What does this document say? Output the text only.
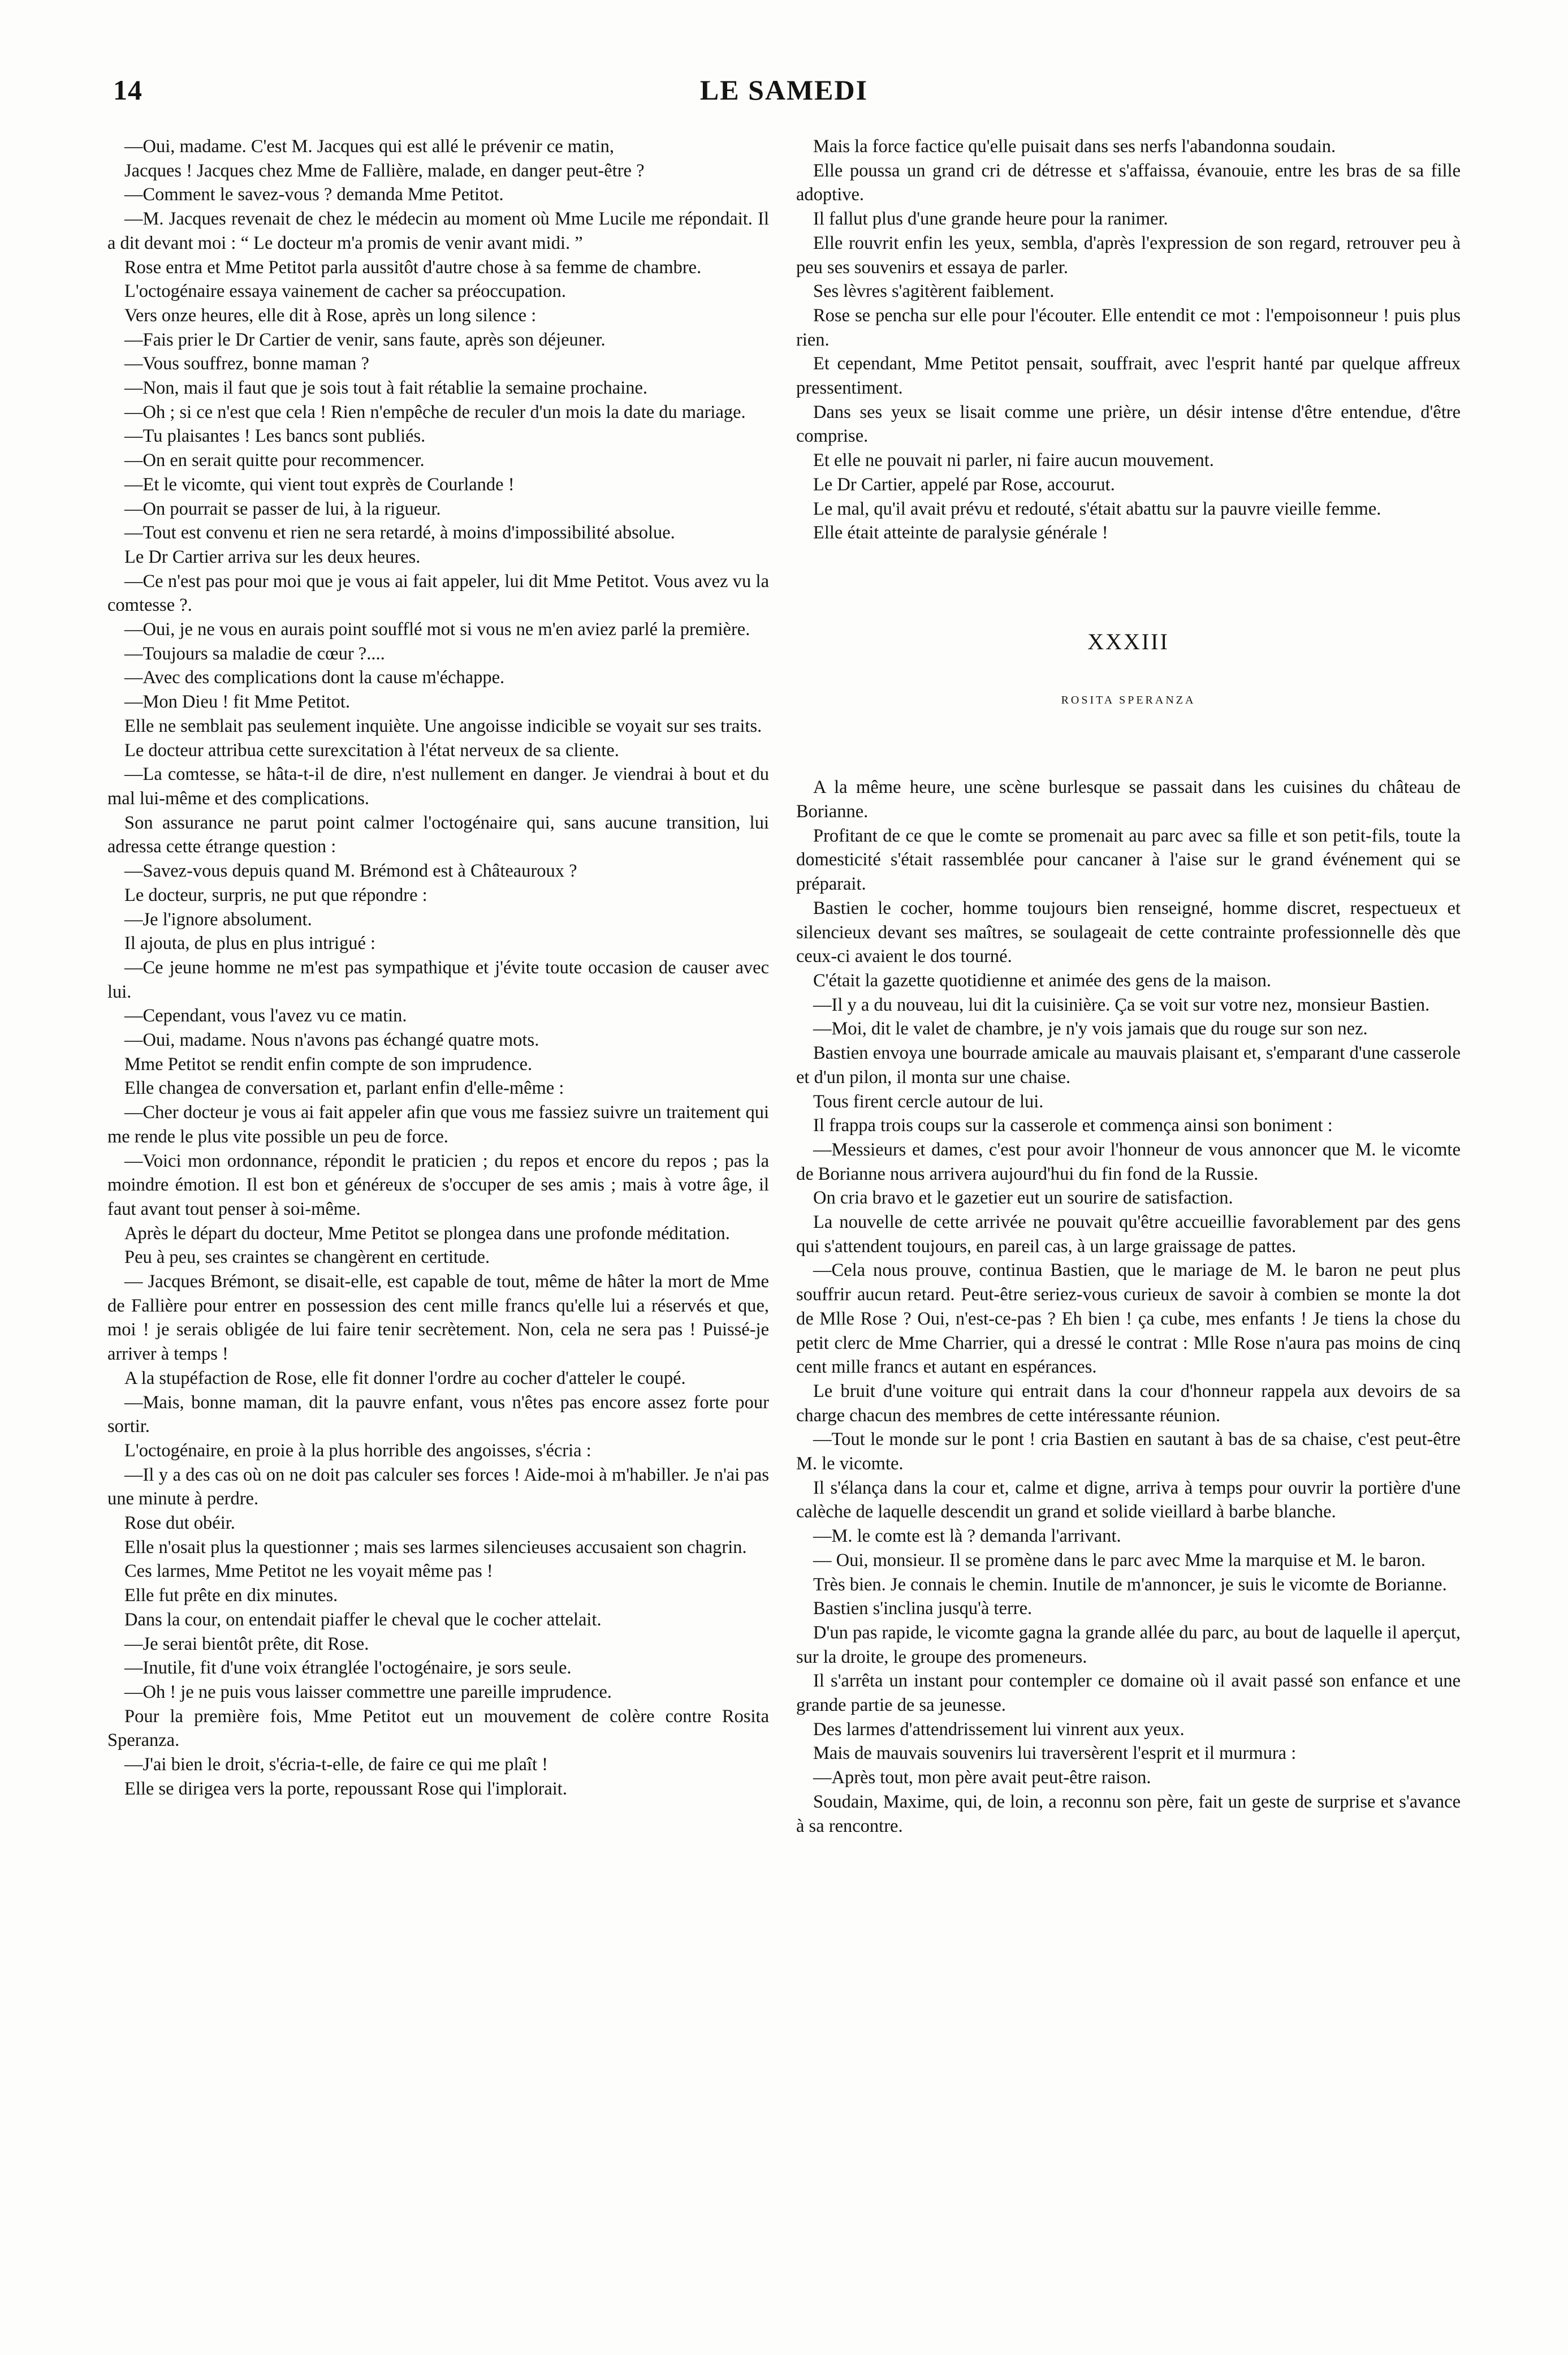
14	LE SAMEDI

—Oui, madame. C'est M. Jacques qui est allé le prévenir ce matin,

Jacques ! Jacques chez Mme de Fallière, malade, en danger peut-être ?

—Comment le savez-vous ? demanda Mme Petitot.

—M. Jacques revenait de chez le médecin au moment où Mme Lucile me répondait. Il a dit devant moi : “ Le docteur m'a promis de venir avant midi. ”

Rose entra et Mme Petitot parla aussitôt d'autre chose à sa femme de chambre.

L'octogénaire essaya vainement de cacher sa préoccupation.

Vers onze heures, elle dit à Rose, après un long silence :

—Fais prier le Dr Cartier de venir, sans faute, après son déjeuner.

—Vous souffrez, bonne maman ?

—Non, mais il faut que je sois tout à fait rétablie la semaine prochaine.

—Oh ; si ce n'est que cela ! Rien n'empêche de reculer d'un mois la date du mariage.

—Tu plaisantes ! Les bancs sont publiés.

—On en serait quitte pour recommencer.

—Et le vicomte, qui vient tout exprès de Courlande !

—On pourrait se passer de lui, à la rigueur.

—Tout est convenu et rien ne sera retardé, à moins d'impossibilité absolue.

Le Dr Cartier arriva sur les deux heures.

—Ce n'est pas pour moi que je vous ai fait appeler, lui dit Mme Petitot. Vous avez vu la comtesse ?.

—Oui, je ne vous en aurais point soufflé mot si vous ne m'en aviez parlé la première.

—Toujours sa maladie de cœur ?....

—Avec des complications dont la cause m'échappe.

—Mon Dieu ! fit Mme Petitot.

Elle ne semblait pas seulement inquiète. Une angoisse indicible se voyait sur ses traits.

Le docteur attribua cette surexcitation à l'état nerveux de sa cliente.

—La comtesse, se hâta-t-il de dire, n'est nullement en danger. Je viendrai à bout et du mal lui-même et des complications.

Son assurance ne parut point calmer l'octogénaire qui, sans aucune transition, lui adressa cette étrange question :

—Savez-vous depuis quand M. Brémond est à Châteauroux ?

Le docteur, surpris, ne put que répondre :

—Je l'ignore absolument.

Il ajouta, de plus en plus intrigué :

—Ce jeune homme ne m'est pas sympathique et j'évite toute occasion de causer avec lui.

—Cependant, vous l'avez vu ce matin.

—Oui, madame. Nous n'avons pas échangé quatre mots.

Mme Petitot se rendit enfin compte de son imprudence.

Elle changea de conversation et, parlant enfin d'elle-même :

—Cher docteur je vous ai fait appeler afin que vous me fassiez suivre un traitement qui me rende le plus vite possible un peu de force.

—Voici mon ordonnance, répondit le praticien ; du repos et encore du repos ; pas la moindre émotion. Il est bon et généreux de s'occuper de ses amis ; mais à votre âge, il faut avant tout penser à soi-même.

Après le départ du docteur, Mme Petitot se plongea dans une profonde méditation.

Peu à peu, ses craintes se changèrent en certitude.

— Jacques Brémont, se disait-elle, est capable de tout, même de hâter la mort de Mme de Fallière pour entrer en possession des cent mille francs qu'elle lui a réservés et que, moi ! je serais obligée de lui faire tenir secrètement. Non, cela ne sera pas ! Puissé-je arriver à temps !

A la stupéfaction de Rose, elle fit donner l'ordre au cocher d'atteler le coupé.

—Mais, bonne maman, dit la pauvre enfant, vous n'êtes pas encore assez forte pour sortir.

L'octogénaire, en proie à la plus horrible des angoisses, s'écria :

—Il y a des cas où on ne doit pas calculer ses forces ! Aide-moi à m'habiller. Je n'ai pas une minute à perdre.

Rose dut obéir.

Elle n'osait plus la questionner ; mais ses larmes silencieuses accusaient son chagrin.

Ces larmes, Mme Petitot ne les voyait même pas !

Elle fut prête en dix minutes.

Dans la cour, on entendait piaffer le cheval que le cocher attelait.

—Je serai bientôt prête, dit Rose.

—Inutile, fit d'une voix étranglée l'octogénaire, je sors seule.

—Oh ! je ne puis vous laisser commettre une pareille imprudence.

Pour la première fois, Mme Petitot eut un mouvement de colère contre Rosita Speranza.

—J'ai bien le droit, s'écria-t-elle, de faire ce qui me plaît !

Elle se dirigea vers la porte, repoussant Rose qui l'implorait.

Mais la force factice qu'elle puisait dans ses nerfs l'abandonna soudain.

Elle poussa un grand cri de détresse et s'affaissa, évanouie, entre les bras de sa fille adoptive.

Il fallut plus d'une grande heure pour la ranimer.

Elle rouvrit enfin les yeux, sembla, d'après l'expression de son regard, retrouver peu à peu ses souvenirs et essaya de parler.

Ses lèvres s'agitèrent faiblement.

Rose se pencha sur elle pour l'écouter. Elle entendit ce mot : l'empoisonneur ! puis plus rien.

Et cependant, Mme Petitot pensait, souffrait, avec l'esprit hanté par quelque affreux pressentiment.

Dans ses yeux se lisait comme une prière, un désir intense d'être entendue, d'être comprise.

Et elle ne pouvait ni parler, ni faire aucun mouvement.

Le Dr Cartier, appelé par Rose, accourut.

Le mal, qu'il avait prévu et redouté, s'était abattu sur la pauvre vieille femme.

Elle était atteinte de paralysie générale !

XXXIII
ROSITA SPERANZA

A la même heure, une scène burlesque se passait dans les cuisines du château de Borianne.

Profitant de ce que le comte se promenait au parc avec sa fille et son petit-fils, toute la domesticité s'était rassemblée pour cancaner à l'aise sur le grand événement qui se préparait.

Bastien le cocher, homme toujours bien renseigné, homme discret, respectueux et silencieux devant ses maîtres, se soulageait de cette contrainte professionnelle dès que ceux-ci avaient le dos tourné.

C'était la gazette quotidienne et animée des gens de la maison.

—Il y a du nouveau, lui dit la cuisinière. Ça se voit sur votre nez, monsieur Bastien.

—Moi, dit le valet de chambre, je n'y vois jamais que du rouge sur son nez.

Bastien envoya une bourrade amicale au mauvais plaisant et, s'emparant d'une casserole et d'un pilon, il monta sur une chaise.

Tous firent cercle autour de lui.

Il frappa trois coups sur la casserole et commença ainsi son boniment :

—Messieurs et dames, c'est pour avoir l'honneur de vous annoncer que M. le vicomte de Borianne nous arrivera aujourd'hui du fin fond de la Russie.

On cria bravo et le gazetier eut un sourire de satisfaction.

La nouvelle de cette arrivée ne pouvait qu'être accueillie favorablement par des gens qui s'attendent toujours, en pareil cas, à un large graissage de pattes.

—Cela nous prouve, continua Bastien, que le mariage de M. le baron ne peut plus souffrir aucun retard. Peut-être seriez-vous curieux de savoir à combien se monte la dot de Mlle Rose ? Oui, n'est-ce-pas ? Eh bien ! ça cube, mes enfants ! Je tiens la chose du petit clerc de Mme Charrier, qui a dressé le contrat : Mlle Rose n'aura pas moins de cinq cent mille francs et autant en espérances.

Le bruit d'une voiture qui entrait dans la cour d'honneur rappela aux devoirs de sa charge chacun des membres de cette intéressante réunion.

—Tout le monde sur le pont ! cria Bastien en sautant à bas de sa chaise, c'est peut-être M. le vicomte.

Il s'élança dans la cour et, calme et digne, arriva à temps pour ouvrir la portière d'une calèche de laquelle descendit un grand et solide vieillard à barbe blanche.

—M. le comte est là ? demanda l'arrivant.

— Oui, monsieur. Il se promène dans le parc avec Mme la marquise et M. le baron.

Très bien. Je connais le chemin. Inutile de m'annoncer, je suis le vicomte de Borianne.

Bastien s'inclina jusqu'à terre.

D'un pas rapide, le vicomte gagna la grande allée du parc, au bout de laquelle il aperçut, sur la droite, le groupe des promeneurs.

Il s'arrêta un instant pour contempler ce domaine où il avait passé son enfance et une grande partie de sa jeunesse.

Des larmes d'attendrissement lui vinrent aux yeux.

Mais de mauvais souvenirs lui traversèrent l'esprit et il murmura :

—Après tout, mon père avait peut-être raison.

Soudain, Maxime, qui, de loin, a reconnu son père, fait un geste de surprise et s'avance à sa rencontre.
